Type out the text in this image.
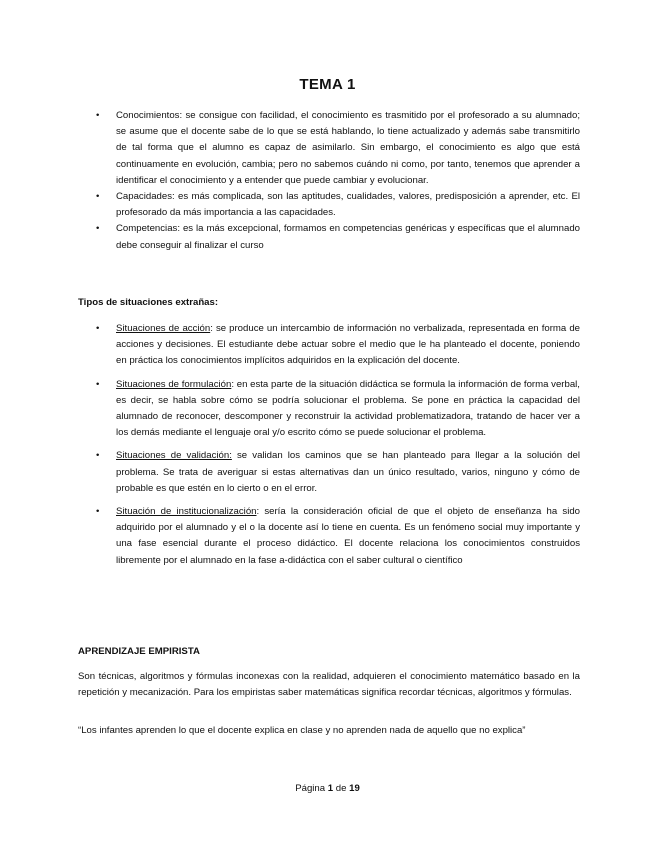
TEMA 1
• Conocimientos: se consigue con facilidad, el conocimiento es trasmitido por el profesorado a su alumnado; se asume que el docente sabe de lo que se está hablando, lo tiene actualizado y además sabe transmitirlo de tal forma que el alumno es capaz de asimilarlo. Sin embargo, el conocimiento es algo que está continuamente en evolución, cambia; pero no sabemos cuándo ni como, por tanto, tenemos que aprender a identificar el conocimiento y a entender que puede cambiar y evolucionar.
• Capacidades: es más complicada, son las aptitudes, cualidades, valores, predisposición a aprender, etc. El profesorado da más importancia a las capacidades.
• Competencias: es la más excepcional, formamos en competencias genéricas y específicas que el alumnado debe conseguir al finalizar el curso
Tipos de situaciones extrañas:
• Situaciones de acción: se produce un intercambio de información no verbalizada, representada en forma de acciones y decisiones. El estudiante debe actuar sobre el medio que le ha planteado el docente, poniendo en práctica los conocimientos implícitos adquiridos en la explicación del docente.
• Situaciones de formulación: en esta parte de la situación didáctica se formula la información de forma verbal, es decir, se habla sobre cómo se podría solucionar el problema. Se pone en práctica la capacidad del alumnado de reconocer, descomponer y reconstruir la actividad problematizadora, tratando de hacer ver a los demás mediante el lenguaje oral y/o escrito cómo se puede solucionar el problema.
• Situaciones de validación: se validan los caminos que se han planteado para llegar a la solución del problema. Se trata de averiguar si estas alternativas dan un único resultado, varios, ninguno y cómo de probable es que estén en lo cierto o en el error.
• Situación de institucionalización: sería la consideración oficial de que el objeto de enseñanza ha sido adquirido por el alumnado y el o la docente así lo tiene en cuenta. Es un fenómeno social muy importante y una fase esencial durante el proceso didáctico. El docente relaciona los conocimientos construidos libremente por el alumnado en la fase a-didáctica con el saber cultural o científico
APRENDIZAJE EMPIRISTA
Son técnicas, algoritmos y fórmulas inconexas con la realidad, adquieren el conocimiento matemático basado en la repetición y mecanización. Para los empiristas saber matemáticas significa recordar técnicas, algoritmos y fórmulas.
“Los infantes aprenden lo que el docente explica en clase y no aprenden nada de aquello que no explica”
Página 1 de 19
